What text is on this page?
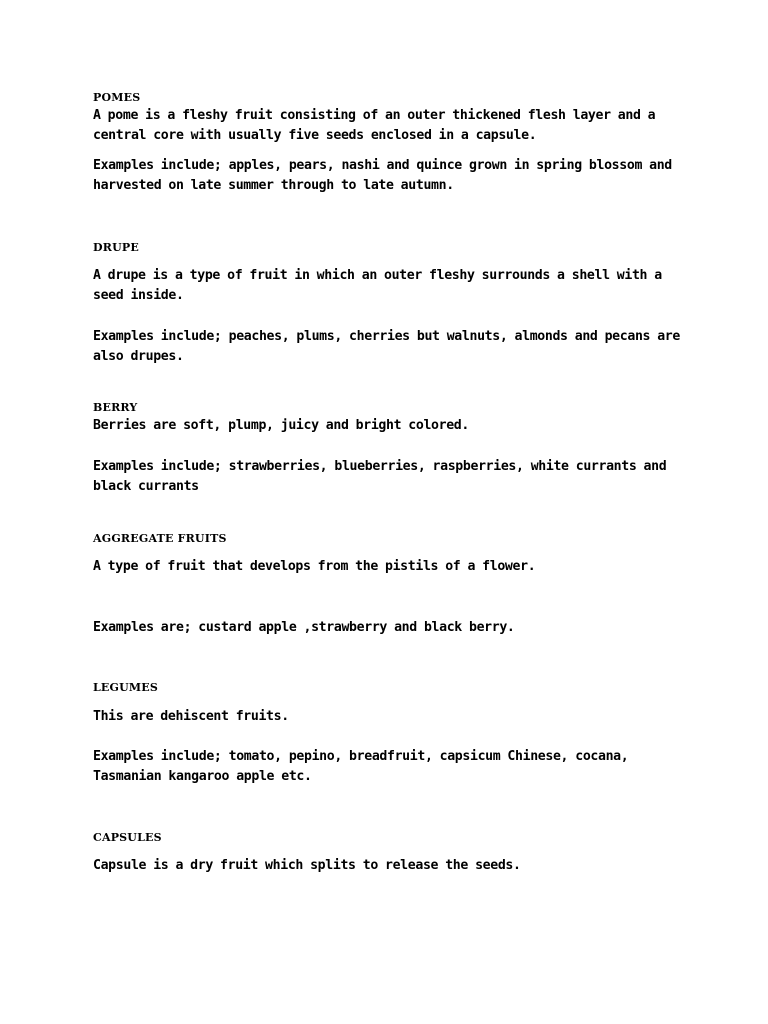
POMES

A pome is a fleshy fruit consisting of an outer thickened flesh layer and a central core with usually five seeds enclosed in a capsule.

Examples include; apples, pears, nashi and quince grown in spring blossom and harvested on late summer through to late autumn.

DRUPE

A drupe is a type of fruit in which an outer fleshy surrounds a shell with a seed inside.

Examples include; peaches, plums, cherries but walnuts, almonds and pecans are also drupes.

BERRY

Berries are soft, plump, juicy and bright colored.

Examples include; strawberries, blueberries, raspberries, white currants and black currants

AGGREGATE FRUITS

A type of fruit that develops from the pistils of a flower.

Examples are; custard apple ,strawberry and black berry.

LEGUMES

This are dehiscent fruits.

Examples include; tomato, pepino, breadfruit, capsicum Chinese, cocana, Tasmanian kangaroo apple etc.

CAPSULES

Capsule is a dry fruit which splits to release the seeds.
